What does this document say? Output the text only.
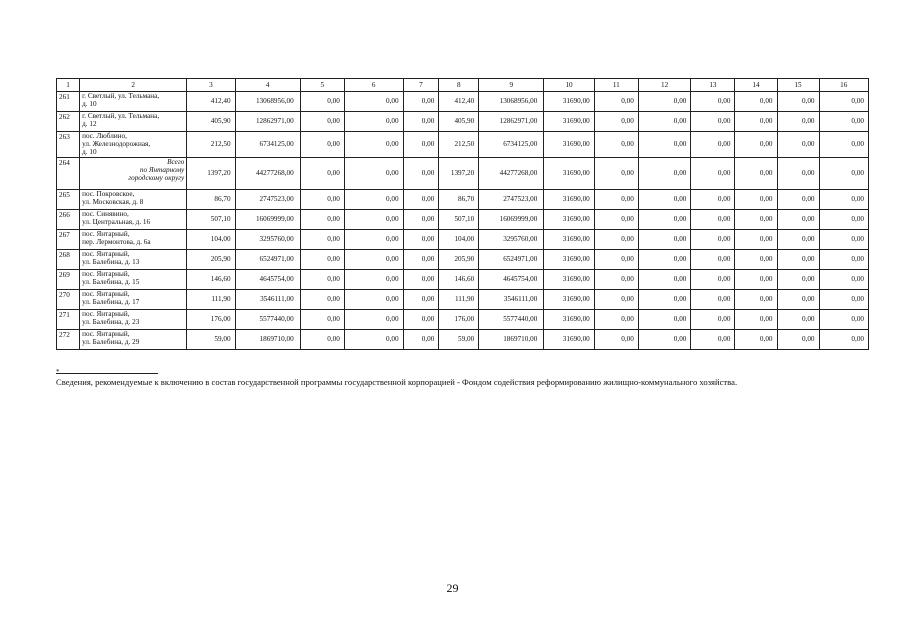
1	2	3	4	5	6	7	8	9	10	11	12	13	14	15	16
261	г. Светлый, ул. Тельмана,
д. 10	412,40	13068956,00	0,00	0,00	0,00	412,40	13068956,00	31690,00	0,00	0,00	0,00	0,00	0,00	0,00
262	г. Светлый, ул. Тельмана,
д. 12	405,90	12862971,00	0,00	0,00	0,00	405,90	12862971,00	31690,00	0,00	0,00	0,00	0,00	0,00	0,00
263	пос. Люблино,
ул. Железнодорожная,
д. 10	212,50	6734125,00	0,00	0,00	0,00	212,50	6734125,00	31690,00	0,00	0,00	0,00	0,00	0,00	0,00
264	Всего
по Янтарному
городскому округу	1397,20	44277268,00	0,00	0,00	0,00	1397,20	44277268,00	31690,00	0,00	0,00	0,00	0,00	0,00	0,00
265	пос. Покровское,
ул. Московская, д. 8	86,70	2747523,00	0,00	0,00	0,00	86,70	2747523,00	31690,00	0,00	0,00	0,00	0,00	0,00	0,00
266	пос. Синявино,
ул. Центральная, д. 16	507,10	16069999,00	0,00	0,00	0,00	507,10	16069999,00	31690,00	0,00	0,00	0,00	0,00	0,00	0,00
267	пос. Янтарный,
пер. Лермонтова, д. 6а	104,00	3295760,00	0,00	0,00	0,00	104,00	3295760,00	31690,00	0,00	0,00	0,00	0,00	0,00	0,00
268	пос. Янтарный,
ул. Балебина, д. 13	205,90	6524971,00	0,00	0,00	0,00	205,90	6524971,00	31690,00	0,00	0,00	0,00	0,00	0,00	0,00
269	пос. Янтарный,
ул. Балебина, д. 15	146,60	4645754,00	0,00	0,00	0,00	146,60	4645754,00	31690,00	0,00	0,00	0,00	0,00	0,00	0,00
270	пос. Янтарный,
ул. Балебина, д. 17	111,90	3546111,00	0,00	0,00	0,00	111,90	3546111,00	31690,00	0,00	0,00	0,00	0,00	0,00	0,00
271	пос. Янтарный,
ул. Балебина, д. 23	176,00	5577440,00	0,00	0,00	0,00	176,00	5577440,00	31690,00	0,00	0,00	0,00	0,00	0,00	0,00
272	пос. Янтарный,
ул. Балебина, д. 29	59,00	1869710,00	0,00	0,00	0,00	59,00	1869710,00	31690,00	0,00	0,00	0,00	0,00	0,00	0,00
*
Сведения, рекомендуемые к включению в состав государственной программы государственной корпорацией - Фондом содействия реформированию жилищно-коммунального хозяйства.
29
